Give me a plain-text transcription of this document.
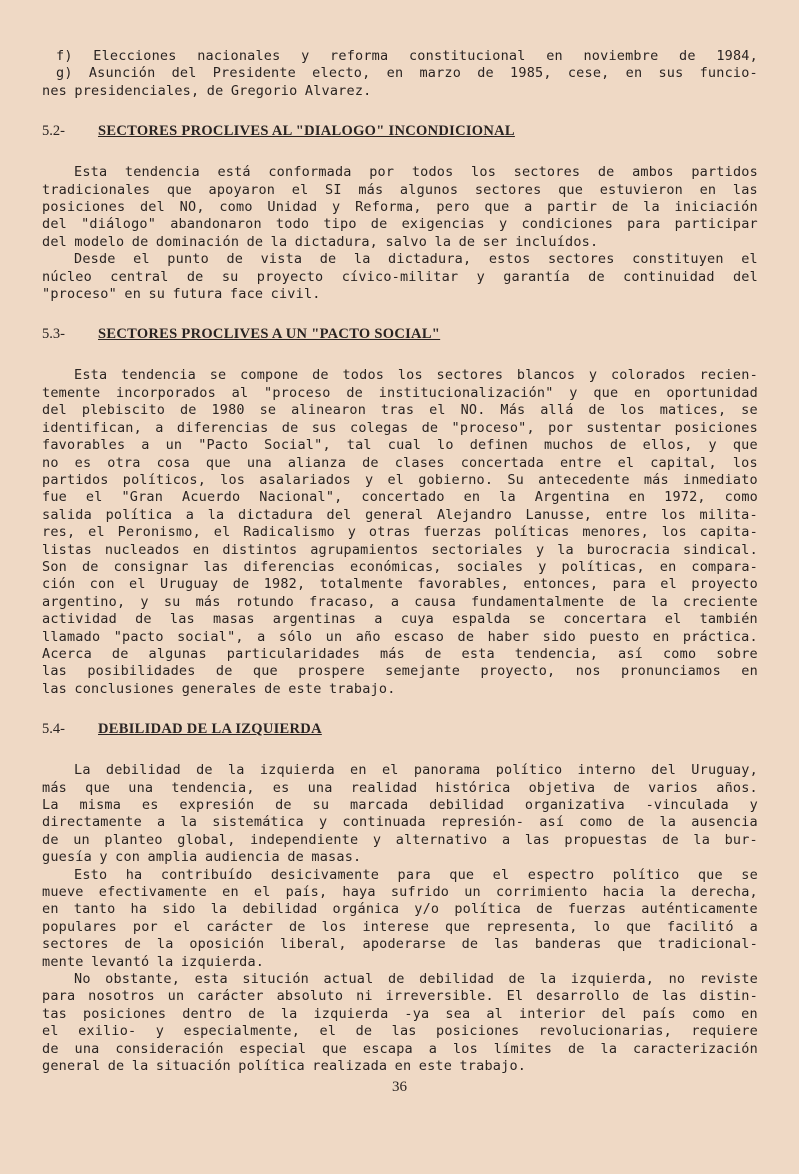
f) Elecciones nacionales y reforma constitucional en noviembre de 1984,
g) Asunción del Presidente electo, en marzo de 1985, cese, en sus funcio-
nes presidenciales, de Gregorio Alvarez.
5.2- SECTORES PROCLIVES AL "DIALOGO" INCONDICIONAL
Esta tendencia está conformada por todos los sectores de ambos partidos
tradicionales que apoyaron el SI más algunos sectores que estuvieron en las
posiciones del NO, como Unidad y Reforma, pero que a partir de la iniciación
del "diálogo" abandonaron todo tipo de exigencias y condiciones para participar
del modelo de dominación de la dictadura, salvo la de ser incluídos.
Desde el punto de vista de la dictadura, estos sectores constituyen el
núcleo central de su proyecto cívico-militar y garantía de continuidad del
"proceso" en su futura face civil.
5.3- SECTORES PROCLIVES A UN "PACTO SOCIAL"
Esta tendencia se compone de todos los sectores blancos y colorados recien-
temente incorporados al "proceso de institucionalización" y que en oportunidad
del plebiscito de 1980 se alinearon tras el NO. Más allá de los matices, se
identifican, a diferencias de sus colegas de "proceso", por sustentar posiciones
favorables a un "Pacto Social", tal cual lo definen muchos de ellos, y que
no es otra cosa que una alianza de clases concertada entre el capital, los
partidos políticos, los asalariados y el gobierno. Su antecedente más inmediato
fue el "Gran Acuerdo Nacional", concertado en la Argentina en 1972, como
salida política a la dictadura del general Alejandro Lanusse, entre los milita-
res, el Peronismo, el Radicalismo y otras fuerzas políticas menores, los capita-
listas nucleados en distintos agrupamientos sectoriales y la burocracia sindical.
Son de consignar las diferencias económicas, sociales y políticas, en compara-
ción con el Uruguay de 1982, totalmente favorables, entonces, para el proyecto
argentino, y su más rotundo fracaso, a causa fundamentalmente de la creciente
actividad de las masas argentinas a cuya espalda se concertara el también
llamado "pacto social", a sólo un año escaso de haber sido puesto en práctica.
Acerca de algunas particularidades más de esta tendencia, así como sobre
las posibilidades de que prospere semejante proyecto, nos pronunciamos en
las conclusiones generales de este trabajo.
5.4- DEBILIDAD DE LA IZQUIERDA
La debilidad de la izquierda en el panorama político interno del Uruguay,
más que una tendencia, es una realidad histórica objetiva de varios años.
La misma es expresión de su marcada debilidad organizativa -vinculada y
directamente a la sistemática y continuada represión- así como de la ausencia
de un planteo global, independiente y alternativo a las propuestas de la bur-
guesía y con amplia audiencia de masas.
Esto ha contribuído desicivamente para que el espectro político que se
mueve efectivamente en el país, haya sufrido un corrimiento hacia la derecha,
en tanto ha sido la debilidad orgánica y/o política de fuerzas auténticamente
populares por el carácter de los interese que representa, lo que facilitó a
sectores de la oposición liberal, apoderarse de las banderas que tradicional-
mente levantó la izquierda.
No obstante, esta situción actual de debilidad de la izquierda, no reviste
para nosotros un carácter absoluto ni irreversible. El desarrollo de las distin-
tas posiciones dentro de la izquierda -ya sea al interior del país como en
el exilio- y especialmente, el de las posiciones revolucionarias, requiere
de una consideración especial que escapa a los límites de la caracterización
general de la situación política realizada en este trabajo.
36
